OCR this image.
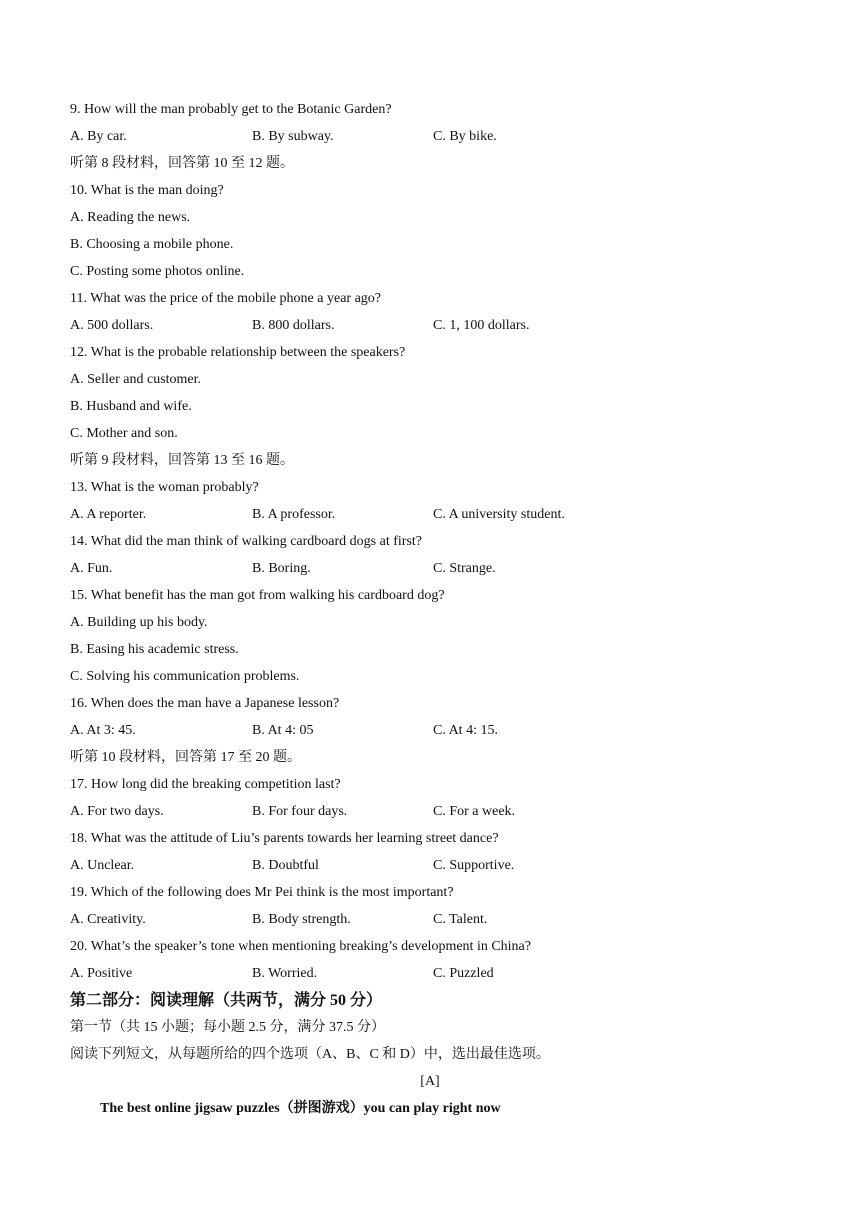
9. How will the man probably get to the Botanic Garden?
A. By car.	B. By subway.	C. By bike.
听第 8 段材料，回答第 10 至 12 题。
10. What is the man doing?
A. Reading the news.
B. Choosing a mobile phone.
C. Posting some photos online.
11. What was the price of the mobile phone a year ago?
A. 500 dollars.	B. 800 dollars.	C. 1, 100 dollars.
12. What is the probable relationship between the speakers?
A. Seller and customer.
B. Husband and wife.
C. Mother and son.
听第 9 段材料，回答第 13 至 16 题。
13. What is the woman probably?
A. A reporter.	B. A professor.	C. A university student.
14. What did the man think of walking cardboard dogs at first?
A. Fun.	B. Boring.	C. Strange.
15. What benefit has the man got from walking his cardboard dog?
A. Building up his body.
B. Easing his academic stress.
C. Solving his communication problems.
16. When does the man have a Japanese lesson?
A. At 3: 45.	B. At 4: 05	C. At 4: 15.
听第 10 段材料，回答第 17 至 20 题。
17. How long did the breaking competition last?
A. For two days.	B. For four days.	C. For a week.
18. What was the attitude of Liu’s parents towards her learning street dance?
A. Unclear.	B. Doubtful	C. Supportive.
19. Which of the following does Mr Pei think is the most important?
A. Creativity.	B. Body strength.	C. Talent.
20. What’s the speaker’s tone when mentioning breaking’s development in China?
A. Positive	B. Worried.	C. Puzzled
第二部分：阅读理解（共两节，满分 50 分）
第一节（共 15 小题；每小题 2.5 分，满分 37.5 分）
阅读下列短文，从每题所给的四个选项（A、B、C 和 D）中，选出最佳选项。
[A]
The best online jigsaw puzzles（拼图游戏）you can play right now
